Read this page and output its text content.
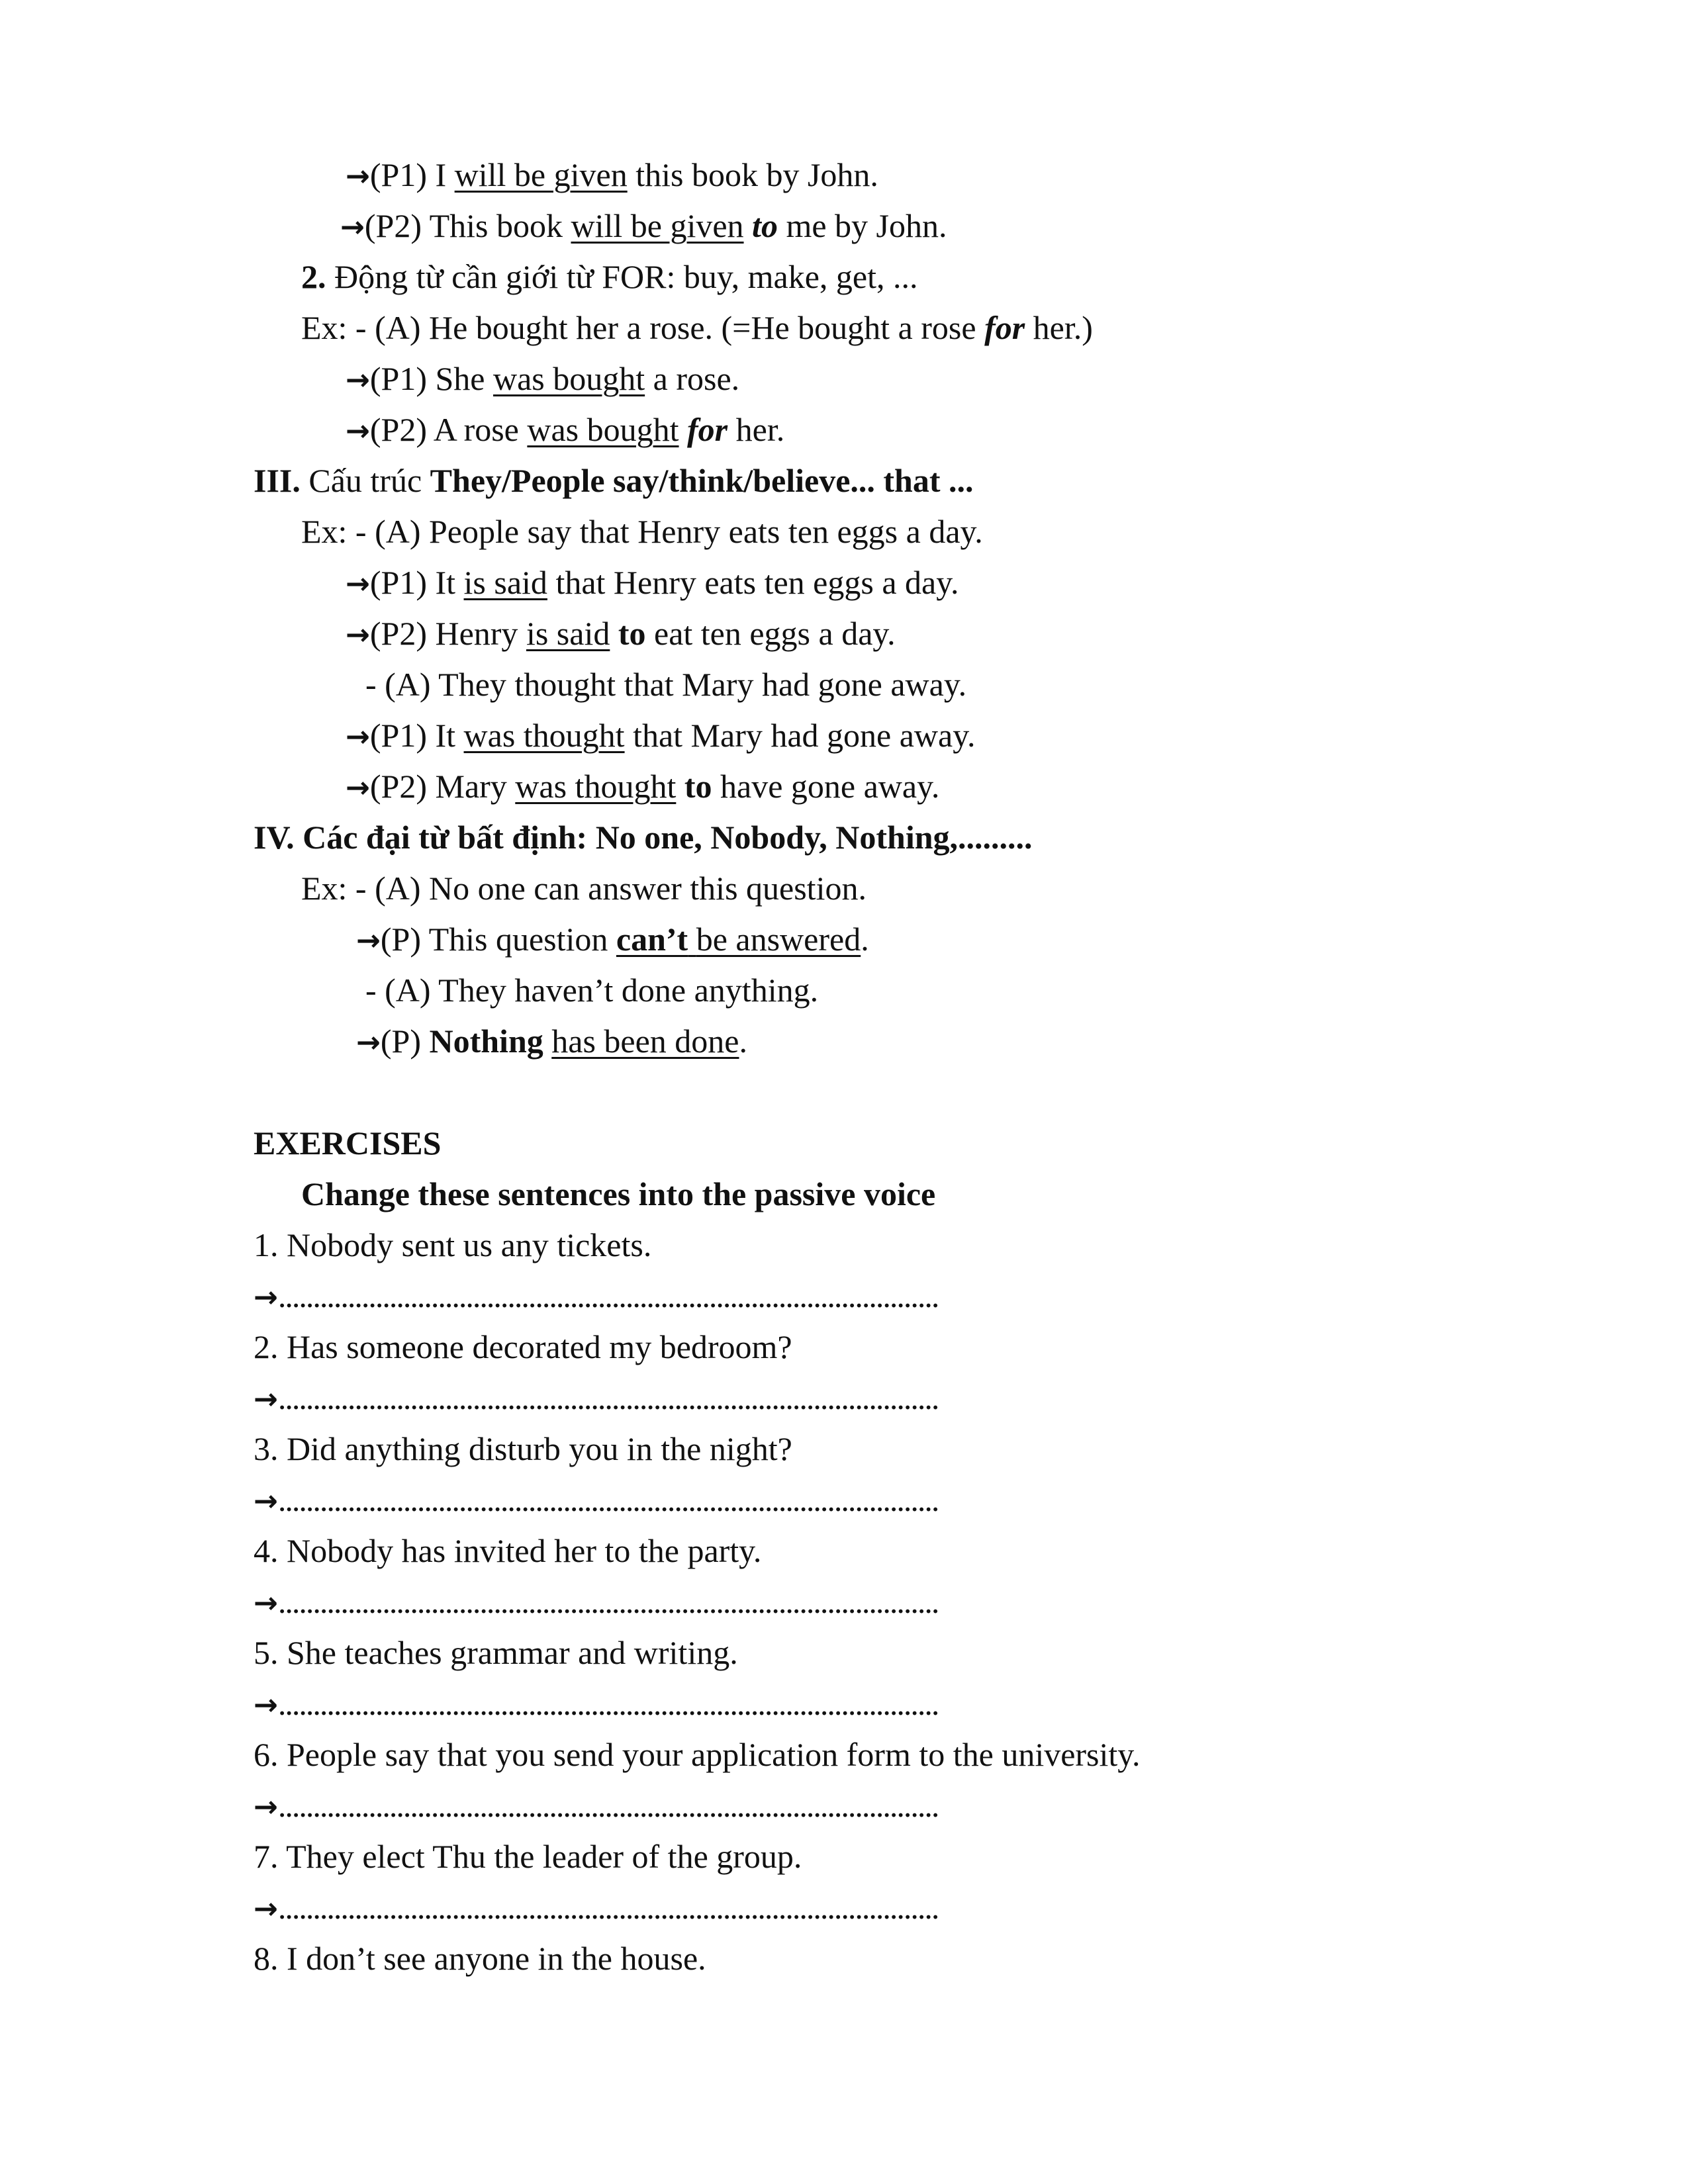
→(P1) I will be given this book by John.
→(P2) This book will be given to me by John.
2. Động từ cần giới từ FOR: buy, make, get, ...
Ex: - (A) He bought her a rose. (=He bought a rose for her.)
→(P1) She was bought a rose.
→(P2) A rose was bought for her.
III. Cấu trúc They/People say/think/believe... that ...
Ex: - (A) People say that Henry eats ten eggs a day.
→(P1) It is said that Henry eats ten eggs a day.
→(P2) Henry is said to eat ten eggs a day.
- (A) They thought that Mary had gone away.
→(P1) It was thought that Mary had gone away.
→(P2) Mary was thought to have gone away.
IV. Các đại từ bất định: No one, Nobody, Nothing,.........
Ex: - (A) No one can answer this question.
→(P) This question can’t be answered.
- (A) They haven’t done anything.
→(P) Nothing has been done.
EXERCISES
Change these sentences into the passive voice
1. Nobody sent us any tickets.
→...............................................................................................
2. Has someone decorated my bedroom?
→...............................................................................................
3. Did anything disturb you in the night?
→...............................................................................................
4. Nobody has invited her to the party.
→...............................................................................................
5. She teaches grammar and writing.
→...............................................................................................
6. People say that you send your application form to the university.
→...............................................................................................
7. They elect Thu the leader of the group.
→...............................................................................................
8. I don’t see anyone in the house.
